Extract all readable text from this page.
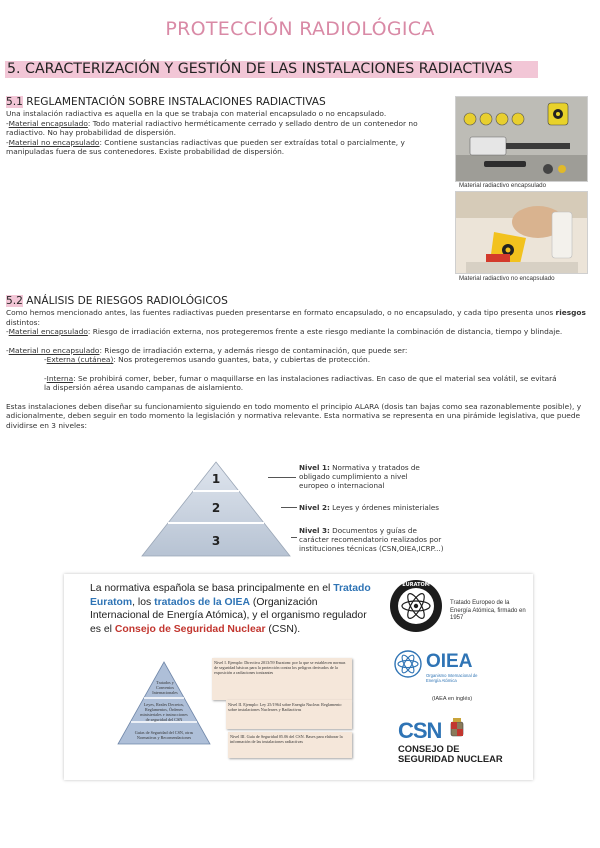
PROTECCIÓN RADIOLÓGICA
5. CARACTERIZACIÓN Y GESTIÓN DE LAS INSTALACIONES RADIACTIVAS
5.1 REGLAMENTACIÓN SOBRE INSTALACIONES RADIACTIVAS
Una instalación radiactiva es aquella en la que se trabaja con material encapsulado o no encapsulado.
-Material encapsulado: Todo material radiactivo herméticamente cerrado y sellado dentro de un contenedor no radiactivo. No hay probabilidad de dispersión.
-Material no encapsulado: Contiene sustancias radiactivas que pueden ser extraídas total o parcialmente, y manipuladas fuera de sus contenedores. Existe probabilidad de dispersión.
Material radiactivo encapsulado
Material radiactivo no encapsulado
5.2 ANÁLISIS DE RIESGOS RADIOLÓGICOS
Como hemos mencionado antes, las fuentes radiactivas pueden presentarse en formato encapsulado, o no encapsulado, y cada tipo presenta unos riesgos distintos:
-Material encapsulado: Riesgo de irradiación externa, nos protegeremos frente a este riesgo mediante la combinación de distancia, tiempo y blindaje.
-Material no encapsulado: Riesgo de irradiación externa, y además riesgo de contaminación, que puede ser:
-Externa (cutánea): Nos protegeremos usando guantes, bata, y cubiertas de protección.
-Interna: Se prohibirá comer, beber, fumar o maquillarse en las instalaciones radiactivas. En caso de que el material sea volátil, se evitará la dispersión aérea usando campanas de aislamiento.
Estas instalaciones deben diseñar su funcionamiento siguiendo en todo momento el principio ALARA (dosis tan bajas como sea razonablemente posible), y adicionalmente, deben seguir en todo momento la legislación y normativa relevante. Esta normativa se representa en una pirámide legislativa, que puede dividirse en 3 niveles:
1
2
3
Nivel 1: Normativa y tratados de obligado cumplimiento a nivel europeo o internacional
Nivel 2: Leyes y órdenes ministeriales
Nivel 3: Documentos y guías de carácter recomendatorio realizados por instituciones técnicas (CSN,OIEA,ICRP...)
La normativa española se basa principalmente en el Tratado Euratom, los tratados de la OIEA (Organización Internacional de Energía Atómica), y el organismo regulador es el Consejo de Seguridad Nuclear (CSN).
EURATOM
Tratado Europeo de la Energía Atómica, firmado en 1957
OIEA
Organismo Internacional de Energía Atómica
(IAEA en inglés)
CSN
CONSEJO DE
SEGURIDAD NUCLEAR
Tratados y Convenios Internacionales
Leyes, Reales Decretos, Reglamentos, Órdenes ministeriales e instrucciones de seguridad del CSN
Guías de Seguridad del CSN, otras Normativas y Recomendaciones
Nivel I. Ejemplo: Directiva 2013/59 Euratom: por la que se establecen normas de seguridad básicas para la protección contra los peligros derivados de la exposición a radiaciones ionizantes
Nivel II. Ejemplo: Ley 25/1964 sobre Energía Nuclear. Reglamento sobre instalaciones Nucleares y Radiactivas
Nivel III. Guía de Seguridad 05.06 del CSN. Bases para elaborar la información de las instalaciones radiactivas
